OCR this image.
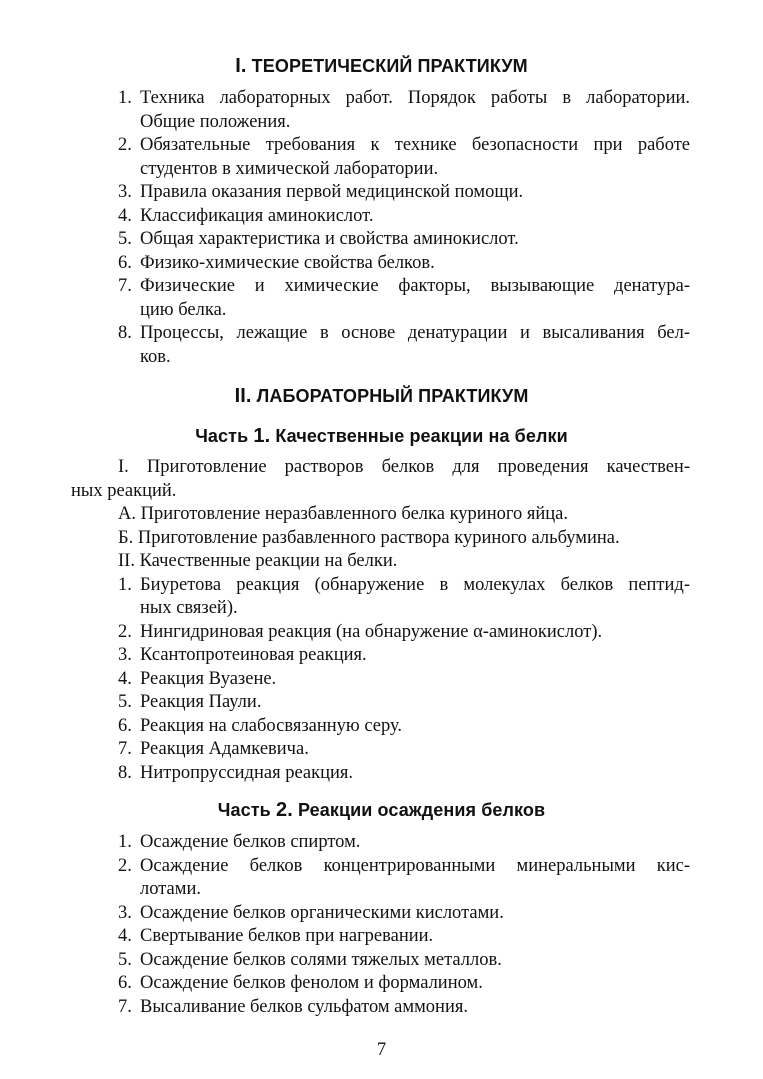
I. ТЕОРЕТИЧЕСКИЙ ПРАКТИКУМ
1. Техника лабораторных работ. Порядок работы в лаборатории.
Общие положения.
2. Обязательные требования к технике безопасности при работе
студентов в химической лаборатории.
3. Правила оказания первой медицинской помощи.
4. Классификация аминокислот.
5. Общая характеристика и свойства аминокислот.
6. Физико-химические свойства белков.
7. Физические и химические факторы, вызывающие денатура-
цию белка.
8. Процессы, лежащие в основе денатурации и высаливания бел-
ков.
II. ЛАБОРАТОРНЫЙ ПРАКТИКУМ
Часть 1. Качественные реакции на белки
I. Приготовление растворов белков для проведения качествен-
ных реакций.
А. Приготовление неразбавленного белка куриного яйца.
Б. Приготовление разбавленного раствора куриного альбумина.
II. Качественные реакции на белки.
1. Биуретова реакция (обнаружение в молекулах белков пептид-
ных связей).
2. Нингидриновая реакция (на обнаружение α-аминокислот).
3. Ксантопротеиновая реакция.
4. Реакция Вуазене.
5. Реакция Паули.
6. Реакция на слабосвязанную серу.
7. Реакция Адамкевича.
8. Нитропруссидная реакция.
Часть 2. Реакции осаждения белков
1. Осаждение белков спиртом.
2. Осаждение белков концентрированными минеральными кис-
лотами.
3. Осаждение белков органическими кислотами.
4. Свертывание белков при нагревании.
5. Осаждение белков солями тяжелых металлов.
6. Осаждение белков фенолом и формалином.
7. Высаливание белков сульфатом аммония.
7
